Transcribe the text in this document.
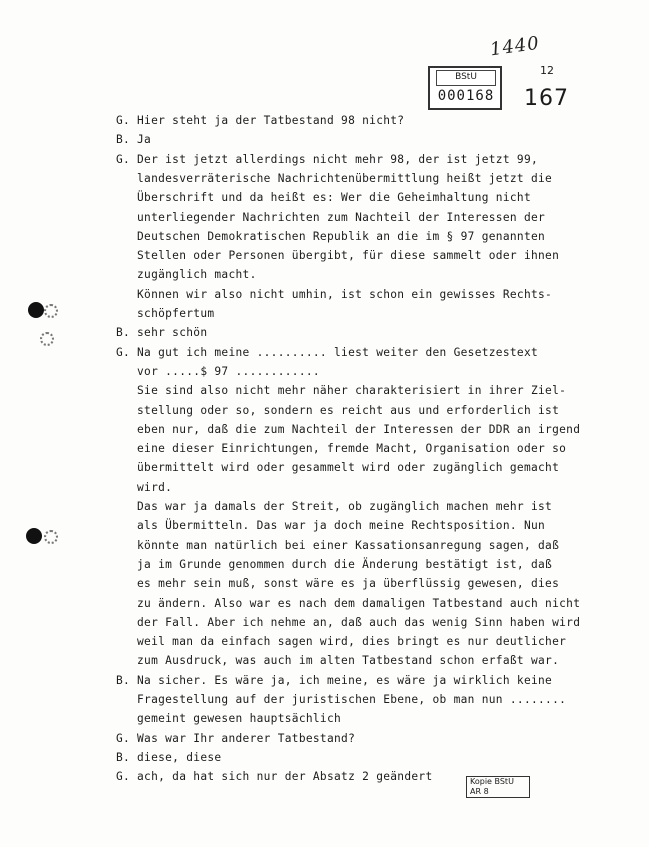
1440
BStU
000168
12
167
G. Hier steht ja der Tatbestand 98 nicht?
B. Ja
G. Der ist jetzt allerdings nicht mehr 98, der ist jetzt 99,
landesverräterische Nachrichtenübermittlung heißt jetzt die
Überschrift und da heißt es: Wer die Geheimhaltung nicht
unterliegender Nachrichten zum Nachteil der Interessen der
Deutschen Demokratischen Republik an die im § 97 genannten
Stellen oder Personen übergibt, für diese sammelt oder ihnen
zugänglich macht.
Können wir also nicht umhin, ist schon ein gewisses Rechts-
schöpfertum
B. sehr schön
G. Na gut ich meine .......... liest weiter den Gesetzestext
vor .....$ 97 ............
Sie sind also nicht mehr näher charakterisiert in ihrer Ziel-
stellung oder so, sondern es reicht aus und erforderlich ist
eben nur, daß die zum Nachteil der Interessen der DDR an irgend
eine dieser Einrichtungen, fremde Macht, Organisation oder so
übermittelt wird oder gesammelt wird oder zugänglich gemacht
wird.
Das war ja damals der Streit, ob zugänglich machen mehr ist
als Übermitteln. Das war ja doch meine Rechtsposition. Nun
könnte man natürlich bei einer Kassationsanregung sagen, daß
ja im Grunde genommen durch die Änderung bestätigt ist, daß
es mehr sein muß, sonst wäre es ja überflüssig gewesen, dies
zu ändern. Also war es nach dem damaligen Tatbestand auch nicht
der Fall. Aber ich nehme an, daß auch das wenig Sinn haben wird
weil man da einfach sagen wird, dies bringt es nur deutlicher
zum Ausdruck, was auch im alten Tatbestand schon erfaßt war.
B. Na sicher. Es wäre ja, ich meine, es wäre ja wirklich keine
Fragestellung auf der juristischen Ebene, ob man nun ........
gemeint gewesen hauptsächlich
G. Was war Ihr anderer Tatbestand?
B. diese, diese
G. ach, da hat sich nur der Absatz 2 geändert	Kopie BStU
AR 8
